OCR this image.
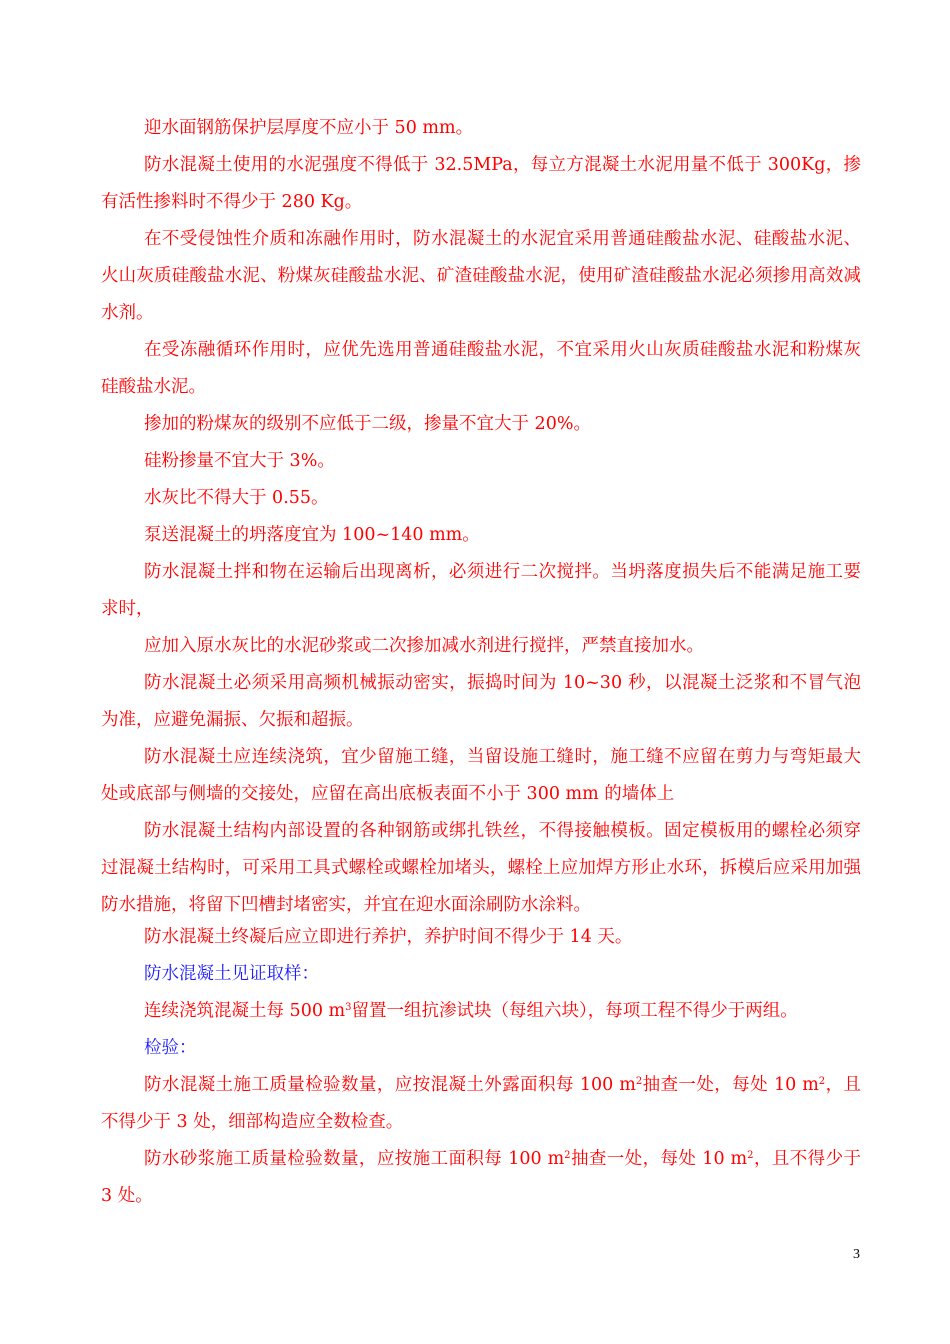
迎水面钢筋保护层厚度不应小于 50 mm。

防水混凝土使用的水泥强度不得低于 32.5MPa，每立方混凝土水泥用量不低于 300Kg，掺有活性掺料时不得少于 280 Kg。

在不受侵蚀性介质和冻融作用时，防水混凝土的水泥宜采用普通硅酸盐水泥、硅酸盐水泥、火山灰质硅酸盐水泥、粉煤灰硅酸盐水泥、矿渣硅酸盐水泥，使用矿渣硅酸盐水泥必须掺用高效减水剂。

在受冻融循环作用时，应优先选用普通硅酸盐水泥，不宜采用火山灰质硅酸盐水泥和粉煤灰硅酸盐水泥。

掺加的粉煤灰的级别不应低于二级，掺量不宜大于 20%。

硅粉掺量不宜大于 3%。

水灰比不得大于 0.55。

泵送混凝土的坍落度宜为 100~140 mm。

防水混凝土拌和物在运输后出现离析，必须进行二次搅拌。当坍落度损失后不能满足施工要求时，

应加入原水灰比的水泥砂浆或二次掺加减水剂进行搅拌，严禁直接加水。

防水混凝土必须采用高频机械振动密实，振捣时间为 10~30 秒，以混凝土泛浆和不冒气泡为准，应避免漏振、欠振和超振。

防水混凝土应连续浇筑，宜少留施工缝，当留设施工缝时，施工缝不应留在剪力与弯矩最大处或底部与侧墙的交接处，应留在高出底板表面不小于 300 mm 的墙体上

防水混凝土结构内部设置的各种钢筋或绑扎铁丝，不得接触模板。固定模板用的螺栓必须穿过混凝土结构时，可采用工具式螺栓或螺栓加堵头，螺栓上应加焊方形止水环，拆模后应采用加强防水措施，将留下凹槽封堵密实，并宜在迎水面涂刷防水涂料。

防水混凝土终凝后应立即进行养护，养护时间不得少于 14 天。

防水混凝土见证取样：

连续浇筑混凝土每 500 $m^3$留置一组抗渗试块（每组六块），每项工程不得少于两组。

检验：

防水混凝土施工质量检验数量，应按混凝土外露面积每 100 $m^2$抽查一处，每处 10 $m^2$，且不得少于 3 处，细部构造应全数检查。

防水砂浆施工质量检验数量，应按施工面积每 100 $m^2$抽查一处，每处 10 $m^2$，且不得少于 3 处。

3
